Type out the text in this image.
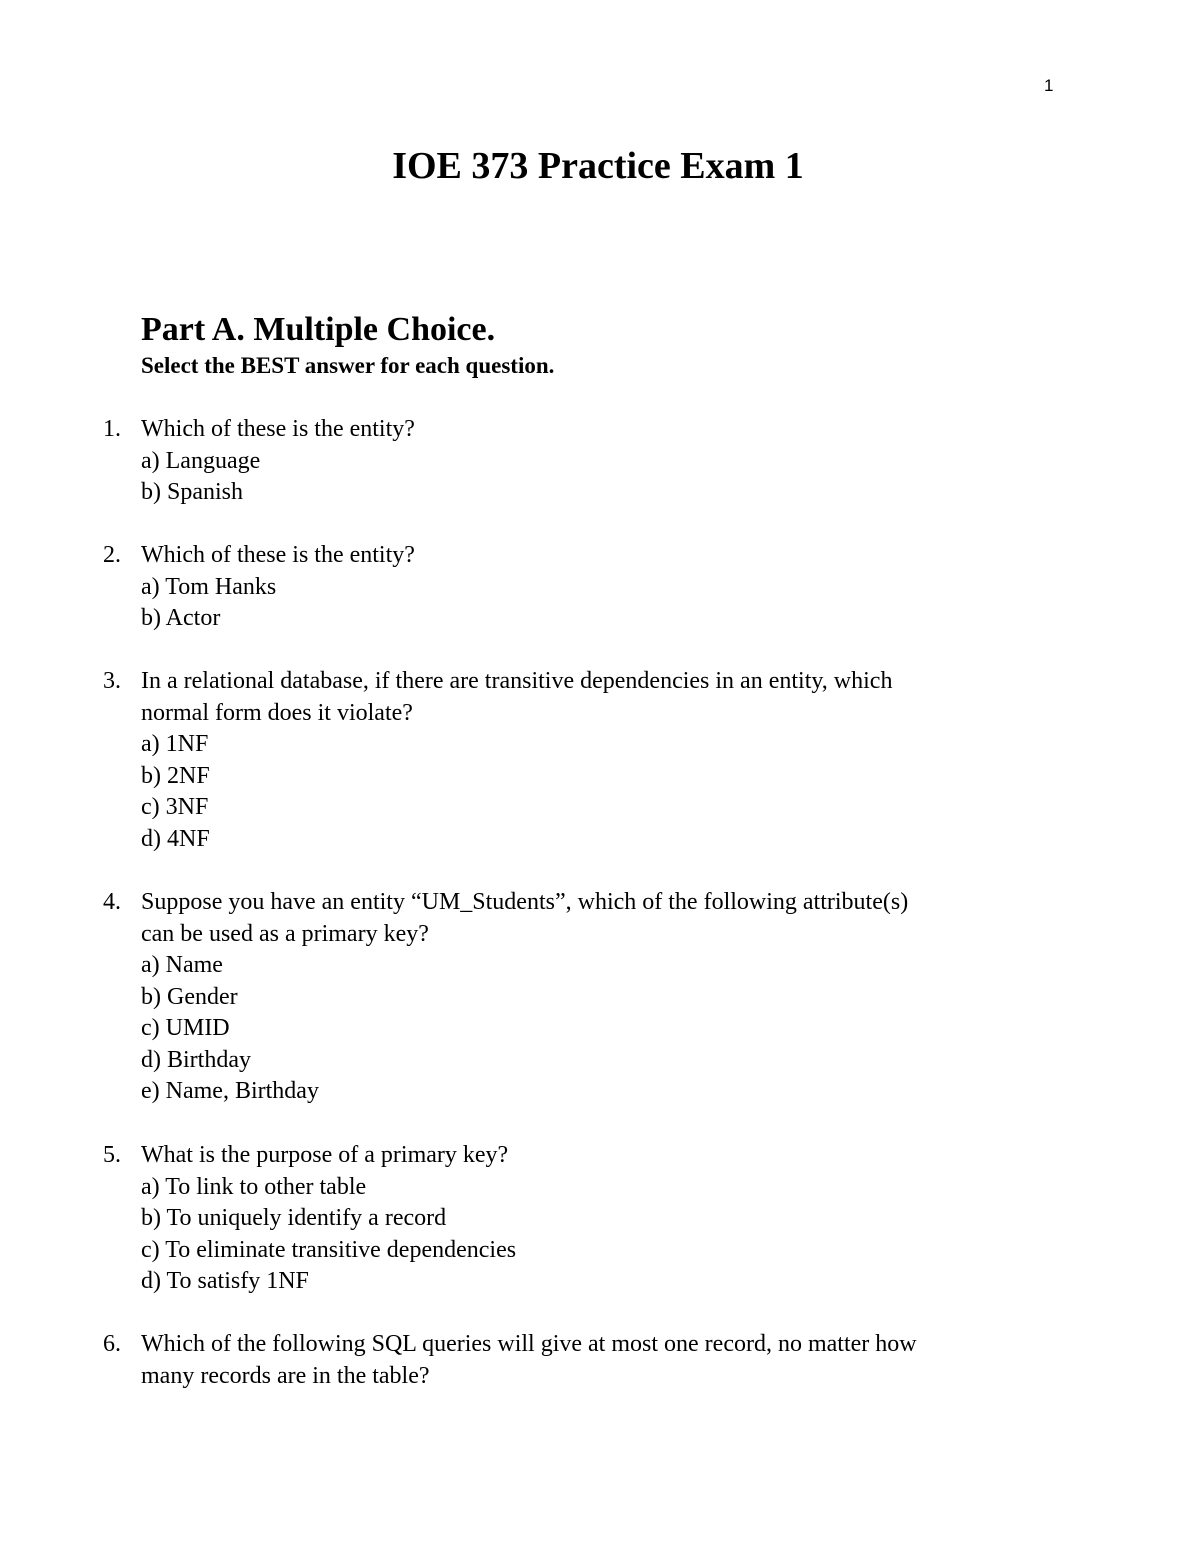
1
IOE 373 Practice Exam 1
Part A. Multiple Choice.
Select the BEST answer for each question.
1. Which of these is the entity?
a) Language
b) Spanish
2. Which of these is the entity?
a) Tom Hanks
b) Actor
3. In a relational database, if there are transitive dependencies in an entity, which
normal form does it violate?
a) 1NF
b) 2NF
c) 3NF
d) 4NF
4. Suppose you have an entity “UM_Students”, which of the following attribute(s)
can be used as a primary key?
a) Name
b) Gender
c) UMID
d) Birthday
e) Name, Birthday
5. What is the purpose of a primary key?
a) To link to other table
b) To uniquely identify a record
c) To eliminate transitive dependencies
d) To satisfy 1NF
6. Which of the following SQL queries will give at most one record, no matter how
many records are in the table?
